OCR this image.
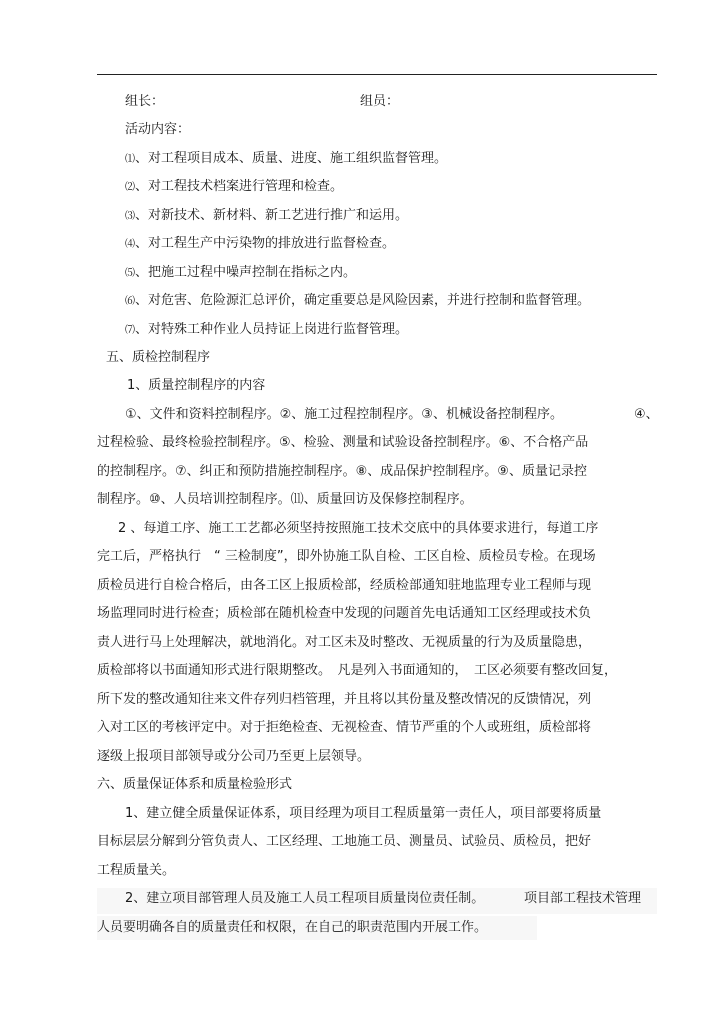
组长：	组员：
活动内容：
⑴、对工程项目成本、质量、进度、施工组织监督管理。
⑵、对工程技术档案进行管理和检查。
⑶、对新技术、新材料、新工艺进行推广和运用。
⑷、对工程生产中污染物的排放进行监督检查。
⑸、把施工过程中噪声控制在指标之内。
⑹、对危害、危险源汇总评价，确定重要总是风险因素，并进行控制和监督管理。
⑺、对特殊工种作业人员持证上岗进行监督管理。
五、质检控制程序
1、质量控制程序的内容
①、文件和资料控制程序。②、施工过程控制程序。③、机械设备控制程序。	④、
过程检验、最终检验控制程序。⑤、检验、测量和试验设备控制程序。⑥、不合格产品
的控制程序。⑦、纠正和预防措施控制程序。⑧、成品保护控制程序。⑨、质量记录控
制程序。⑩、人员培训控制程序。⑾、质量回访及保修控制程序。
2 、每道工序、施工工艺都必须坚持按照施工技术交底中的具体要求进行，每道工序
完工后，严格执行　“ 三检制度”，即外协施工队自检、工区自检、质检员专检。在现场
质检员进行自检合格后，由各工区上报质检部，经质检部通知驻地监理专业工程师与现
场监理同时进行检查；质检部在随机检查中发现的问题首先电话通知工区经理或技术负
责人进行马上处理解决，就地消化。对工区未及时整改、无视质量的行为及质量隐患，
质检部将以书面通知形式进行限期整改。　凡是列入书面通知的，　工区必须要有整改回复，
所下发的整改通知往来文件存列归档管理，并且将以其份量及整改情况的反馈情况，列
入对工区的考核评定中。对于拒绝检查、无视检查、情节严重的个人或班组，质检部将
逐级上报项目部领导或分公司乃至更上层领导。
六、质量保证体系和质量检验形式
1、建立健全质量保证体系，项目经理为项目工程质量第一责任人，项目部要将质量
目标层层分解到分管负责人、工区经理、工地施工员、测量员、试验员、质检员，把好
工程质量关。
2、建立项目部管理人员及施工人员工程项目质量岗位责任制。	项目部工程技术管理
人员要明确各自的质量责任和权限，在自己的职责范围内开展工作。
